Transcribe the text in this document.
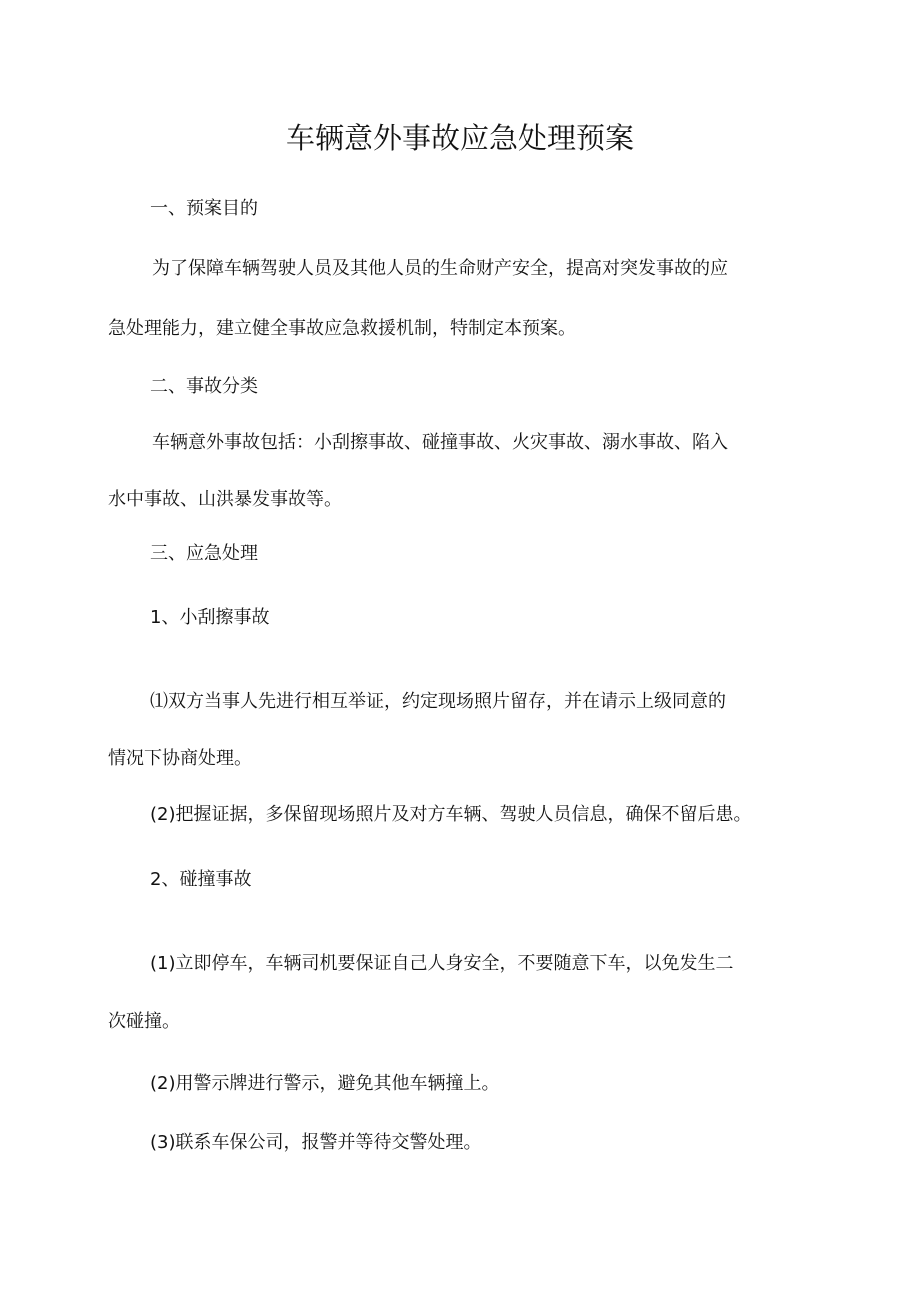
车辆意外事故应急处理预案
一、预案目的
为了保障车辆驾驶人员及其他人员的生命财产安全，提高对突发事故的应
急处理能力，建立健全事故应急救援机制，特制定本预案。
二、事故分类
车辆意外事故包括：小刮擦事故、碰撞事故、火灾事故、溺水事故、陷入
水中事故、山洪暴发事故等。
三、应急处理
1、小刮擦事故
⑴双方当事人先进行相互举证，约定现场照片留存，并在请示上级同意的
情况下协商处理。
(2)把握证据，多保留现场照片及对方车辆、驾驶人员信息，确保不留后患。
2、碰撞事故
(1)立即停车，车辆司机要保证自己人身安全，不要随意下车，以免发生二
次碰撞。
(2)用警示牌进行警示，避免其他车辆撞上。
(3)联系车保公司，报警并等待交警处理。
